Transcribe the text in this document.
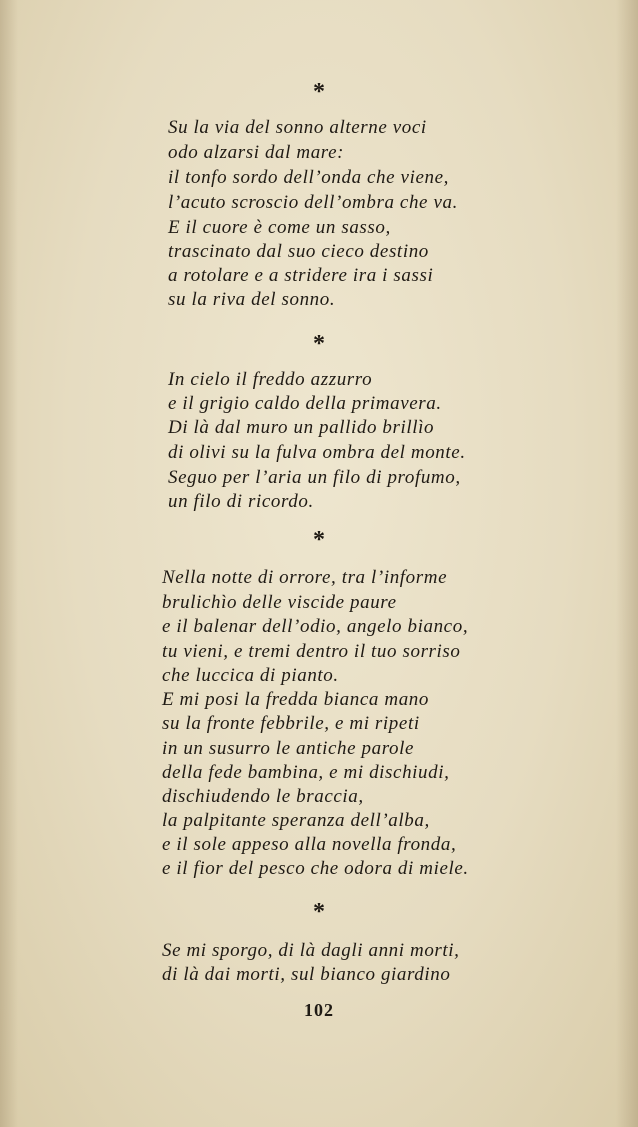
*
Su la via del sonno alterne voci
odo alzarsi dal mare:
il tonfo sordo dell’onda che viene,
l’acuto scroscio dell’ombra che va.
E il cuore è come un sasso,
trascinato dal suo cieco destino
a rotolare e a stridere ira i sassi
su la riva del sonno.
*
In cielo il freddo azzurro
e il grigio caldo della primavera.
Di là dal muro un pallido brillìo
di olivi su la fulva ombra del monte.
Seguo per l’aria un filo di profumo,
un filo di ricordo.
*
Nella notte di orrore, tra l’informe
brulichìo delle viscide paure
e il balenar dell’odio, angelo bianco,
tu vieni, e tremi dentro il tuo sorriso
che luccica di pianto.
E mi posi la fredda bianca mano
su la fronte febbrile, e mi ripeti
in un susurro le antiche parole
della fede bambina, e mi dischiudi,
dischiudendo le braccia,
la palpitante speranza dell’alba,
e il sole appeso alla novella fronda,
e il fior del pesco che odora di miele.
*
Se mi sporgo, di là dagli anni morti,
di là dai morti, sul bianco giardino
102
